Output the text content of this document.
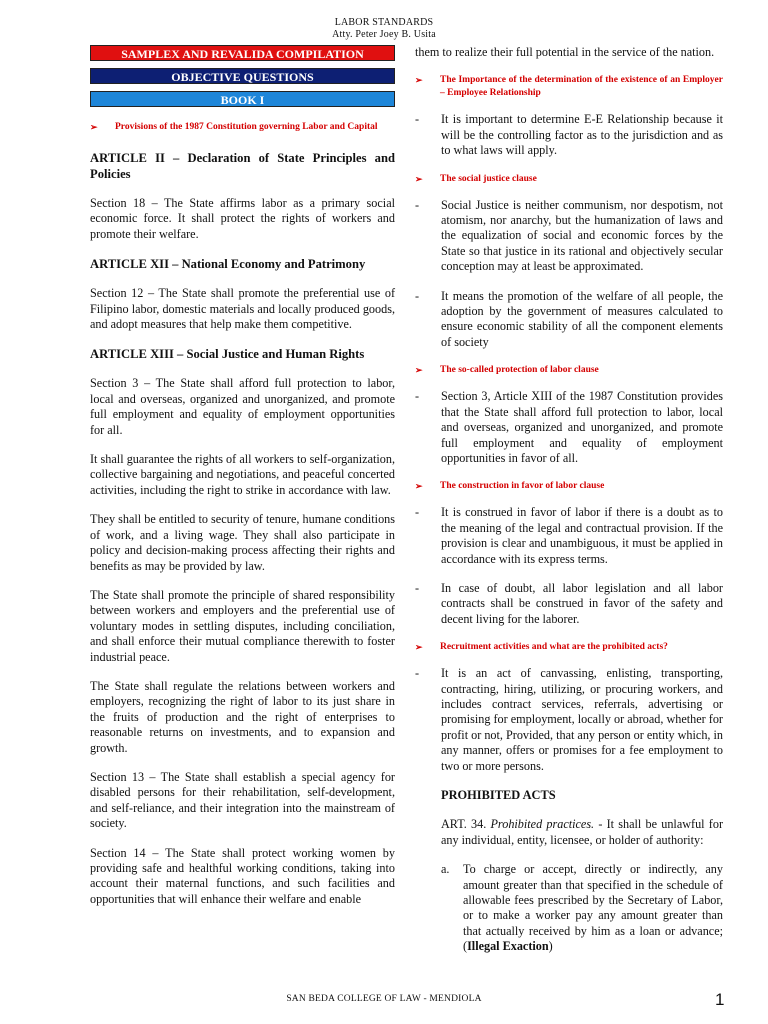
LABOR STANDARDS
Atty. Peter Joey B. Usita
SAMPLEX AND REVALIDA COMPILATION
OBJECTIVE QUESTIONS
BOOK I
➢	Provisions of the 1987 Constitution governing Labor and Capital
ARTICLE II – Declaration of State Principles and Policies

Section 18 – The State affirms labor as a primary social economic force. It shall protect the rights of workers and promote their welfare.

ARTICLE XII – National Economy and Patrimony

Section 12 – The State shall promote the preferential use of Filipino labor, domestic materials and locally produced goods, and adopt measures that help make them competitive.

ARTICLE XIII – Social Justice and Human Rights

Section 3 – The State shall afford full protection to labor, local and overseas, organized and unorganized, and promote full employment and equality of employment opportunities for all.

It shall guarantee the rights of all workers to self-organization, collective bargaining and negotiations, and peaceful concerted activities, including the right to strike in accordance with law.

They shall be entitled to security of tenure, humane conditions of work, and a living wage. They shall also participate in policy and decision-making process affecting their rights and benefits as may be provided by law.

The State shall promote the principle of shared responsibility between workers and employers and the preferential use of voluntary modes in settling disputes, including conciliation, and shall enforce their mutual compliance therewith to foster industrial peace.

The State shall regulate the relations between workers and employers, recognizing the right of labor to its just share in the fruits of production and the right of enterprises to reasonable returns on investments, and to expansion and growth.

Section 13 – The State shall establish a special agency for disabled persons for their rehabilitation, self-development, and self-reliance, and their integration into the mainstream of society.

Section 14 – The State shall protect working women by providing safe and healthful working conditions, taking into account their maternal functions, and such facilities and opportunities that will enhance their welfare and enable

them to realize their full potential in the service of the nation.

➢	The Importance of the determination of the existence of an Employer – Employee Relationship
-	It is important to determine E-E Relationship because it will be the controlling factor as to the jurisdiction and as to what laws will apply.
➢	The social justice clause
-	Social Justice is neither communism, nor despotism, not atomism, nor anarchy, but the humanization of laws and the equalization of social and economic forces by the State so that justice in its rational and objectively secular conception may at least be approximated.
-	It means the promotion of the welfare of all people, the adoption by the government of measures calculated to ensure economic stability of all the component elements of society
➢	The so-called protection of labor clause
-	Section 3, Article XIII of the 1987 Constitution provides that the State shall afford full protection to labor, local and overseas, organized and unorganized, and promote full employment and equality of employment opportunities in favor of all.
➢	The construction in favor of labor clause
-	It is construed in favor of labor if there is a doubt as to the meaning of the legal and contractual provision. If the provision is clear and unambiguous, it must be applied in accordance with its express terms.
-	In case of doubt, all labor legislation and all labor contracts shall be construed in favor of the safety and decent living for the laborer.
➢	Recruitment activities and what are the prohibited acts?
-	It is an act of canvassing, enlisting, transporting, contracting, hiring, utilizing, or procuring workers, and includes contract services, referrals, advertising or promising for employment, locally or abroad, whether for profit or not, Provided, that any person or entity which, in any manner, offers or promises for a fee employment to two or more persons.
PROHIBITED ACTS
ART. 34. Prohibited practices. - It shall be unlawful for any individual, entity, licensee, or holder of authority:
a.	To charge or accept, directly or indirectly, any amount greater than that specified in the schedule of allowable fees prescribed by the Secretary of Labor, or to make a worker pay any amount greater than that actually received by him as a loan or advance; (Illegal Exaction)
SAN BEDA COLLEGE OF LAW - MENDIOLA	1
